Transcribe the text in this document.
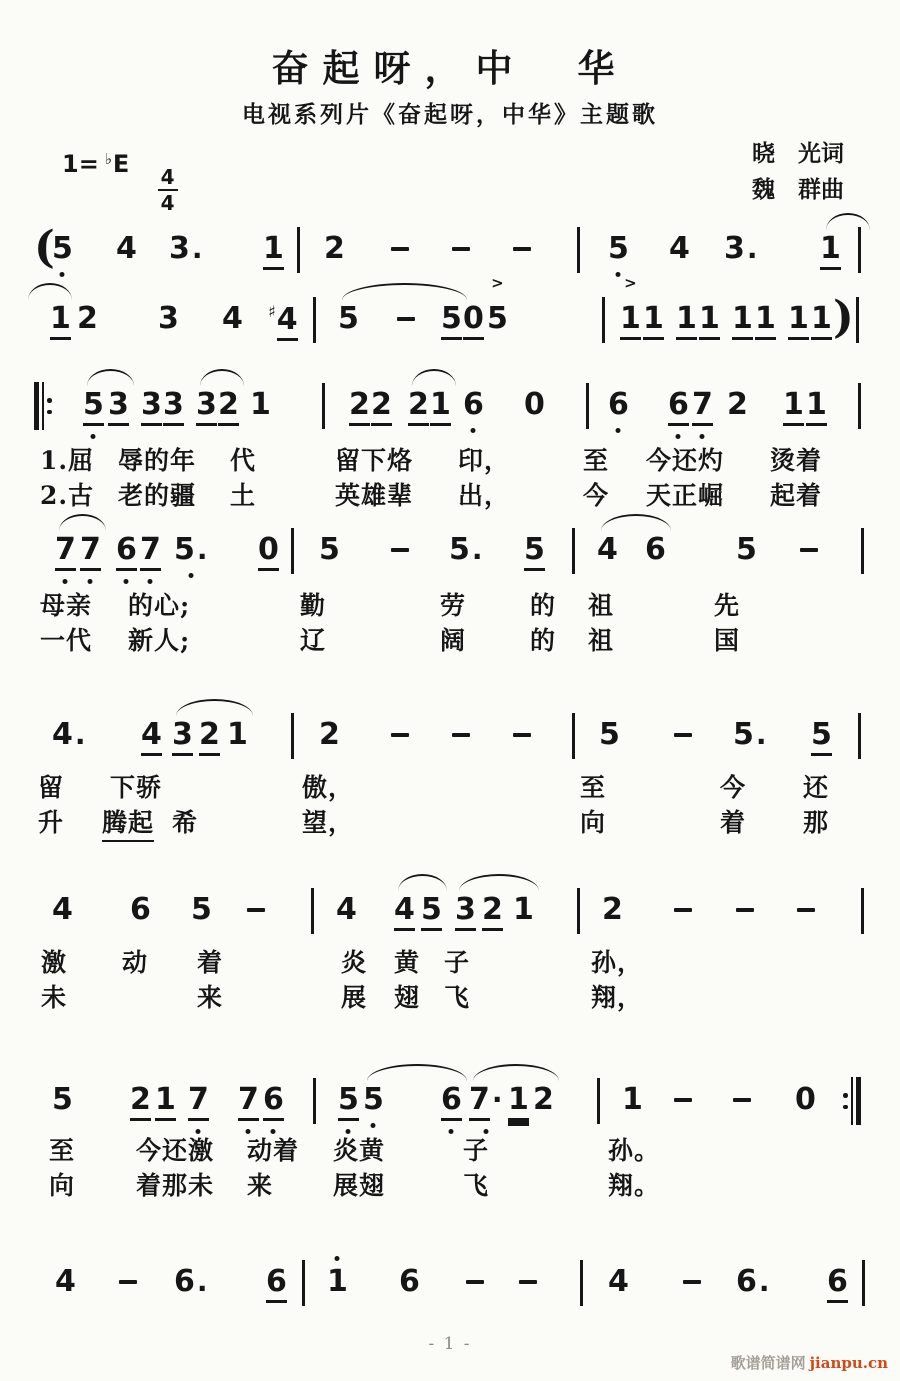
奋起呀，中　华
电视系列片《奋起呀，中华》主题歌
1= ♭E
$\frac{4}{4}$
晓　光词
魏　群曲
(
5 4 3. 1 2	5 4 3. 1
1 2 3 4 ♯4 5	5 0
>
5
>
1 1 1 1 1 1 1 1 )
5 3 3 3 3 2 1	2 2 2 1 6 0 6 6 7 2 1 1
1.屈 辱的年 代	留下烙 印，	至 今还灼 烫着
2.古 老的疆 土	英雄辈 出，	今 天正崛 起着
7 7 6 7 5. 0 5	5. 5 4 6 5
母亲 的心;	勤	劳	的 祖	先
一代 新人;	辽	阔	的 祖	国
4. 4 3 2 1 2	5	5. 5
留 下骄	傲，	至	今 还
升 腾起 希	望，	向	着 那
4 6 5	4 4 5 3 2 1 2
激 动 着	炎 黄 子	孙，
未	来	展 翅 飞	翔，
5 2 1 7 7 6 5 5 6 7· 1 2 1	0
至 今还激 动着 炎黄	子	孙。
向 着那未 来 展翅	飞	翔。
4	6. 6 1 6	4	6. 6
- 1 -
歌谱简谱网 jianpu.cn
